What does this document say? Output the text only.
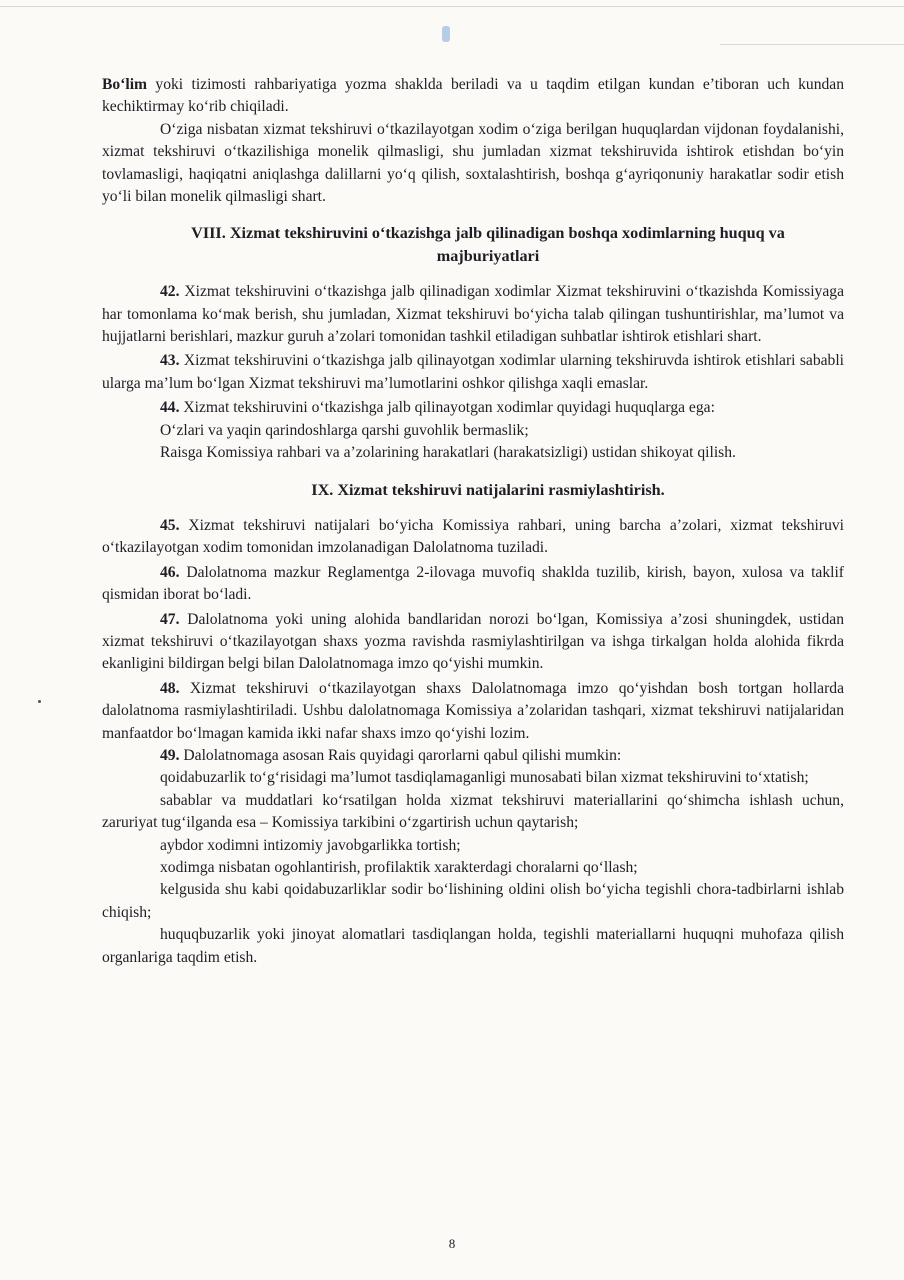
Bo‘lim yoki tizimosti rahbariyatiga yozma shaklda beriladi va u taqdim etilgan kundan e’tiboran uch kundan kechiktirmay ko‘rib chiqiladi.

O‘ziga nisbatan xizmat tekshiruvi o‘tkazilayotgan xodim o‘ziga berilgan huquqlardan vijdonan foydalanishi, xizmat tekshiruvi o‘tkazilishiga monelik qilmasligi, shu jumladan xizmat tekshiruvida ishtirok etishdan bo‘yin tovlamasligi, haqiqatni aniqlashga dalillarni yo‘q qilish, soxtalashtirish, boshqa g‘ayriqonuniy harakatlar sodir etish yo‘li bilan monelik qilmasligi shart.

VIII. Xizmat tekshiruvini o‘tkazishga jalb qilinadigan boshqa xodimlarning huquq va majburiyatlari

42. Xizmat tekshiruvini o‘tkazishga jalb qilinadigan xodimlar Xizmat tekshiruvini o‘tkazishda Komissiyaga har tomonlama ko‘mak berish, shu jumladan, Xizmat tekshiruvi bo‘yicha talab qilingan tushuntirishlar, ma’lumot va hujjatlarni berishlari, mazkur guruh a’zolari tomonidan tashkil etiladigan suhbatlar ishtirok etishlari shart.

43. Xizmat tekshiruvini o‘tkazishga jalb qilinayotgan xodimlar ularning tekshiruvda ishtirok etishlari sababli ularga ma’lum bo‘lgan Xizmat tekshiruvi ma’lumotlarini oshkor qilishga xaqli emaslar.

44. Xizmat tekshiruvini o‘tkazishga jalb qilinayotgan xodimlar quyidagi huquqlarga ega:

O‘zlari va yaqin qarindoshlarga qarshi guvohlik bermaslik;

Raisga Komissiya rahbari va a’zolarining harakatlari (harakatsizligi) ustidan shikoyat qilish.

IX. Xizmat tekshiruvi natijalarini rasmiylashtirish.

45. Xizmat tekshiruvi natijalari bo‘yicha Komissiya rahbari, uning barcha a’zolari, xizmat tekshiruvi o‘tkazilayotgan xodim tomonidan imzolanadigan Dalolatnoma tuziladi.

46. Dalolatnoma mazkur Reglamentga 2-ilovaga muvofiq shaklda tuzilib, kirish, bayon, xulosa va taklif qismidan iborat bo‘ladi.

47. Dalolatnoma yoki uning alohida bandlaridan norozi bo‘lgan, Komissiya a’zosi shuningdek, ustidan xizmat tekshiruvi o‘tkazilayotgan shaxs yozma ravishda rasmiylashtirilgan va ishga tirkalgan holda alohida fikrda ekanligini bildirgan belgi bilan Dalolatnomaga imzo qo‘yishi mumkin.

48. Xizmat tekshiruvi o‘tkazilayotgan shaxs Dalolatnomaga imzo qo‘yishdan bosh tortgan hollarda dalolatnoma rasmiylashtiriladi. Ushbu dalolatnomaga Komissiya a’zolaridan tashqari, xizmat tekshiruvi natijalaridan manfaatdor bo‘lmagan kamida ikki nafar shaxs imzo qo‘yishi lozim.

49. Dalolatnomaga asosan Rais quyidagi qarorlarni qabul qilishi mumkin:

qoidabuzarlik to‘g‘risidagi ma’lumot tasdiqlamaganligi munosabati bilan xizmat tekshiruvini to‘xtatish;

sabablar va muddatlari ko‘rsatilgan holda xizmat tekshiruvi materiallarini qo‘shimcha ishlash uchun, zaruriyat tug‘ilganda esa – Komissiya tarkibini o‘zgartirish uchun qaytarish;

aybdor xodimni intizomiy javobgarlikka tortish;

xodimga nisbatan ogohlantirish, profilaktik xarakterdagi choralarni qo‘llash;

kelgusida shu kabi qoidabuzarliklar sodir bo‘lishining oldini olish bo‘yicha tegishli chora-tadbirlarni ishlab chiqish;

huquqbuzarlik yoki jinoyat alomatlari tasdiqlangan holda, tegishli materiallarni huquqni muhofaza qilish organlariga taqdim etish.

8
